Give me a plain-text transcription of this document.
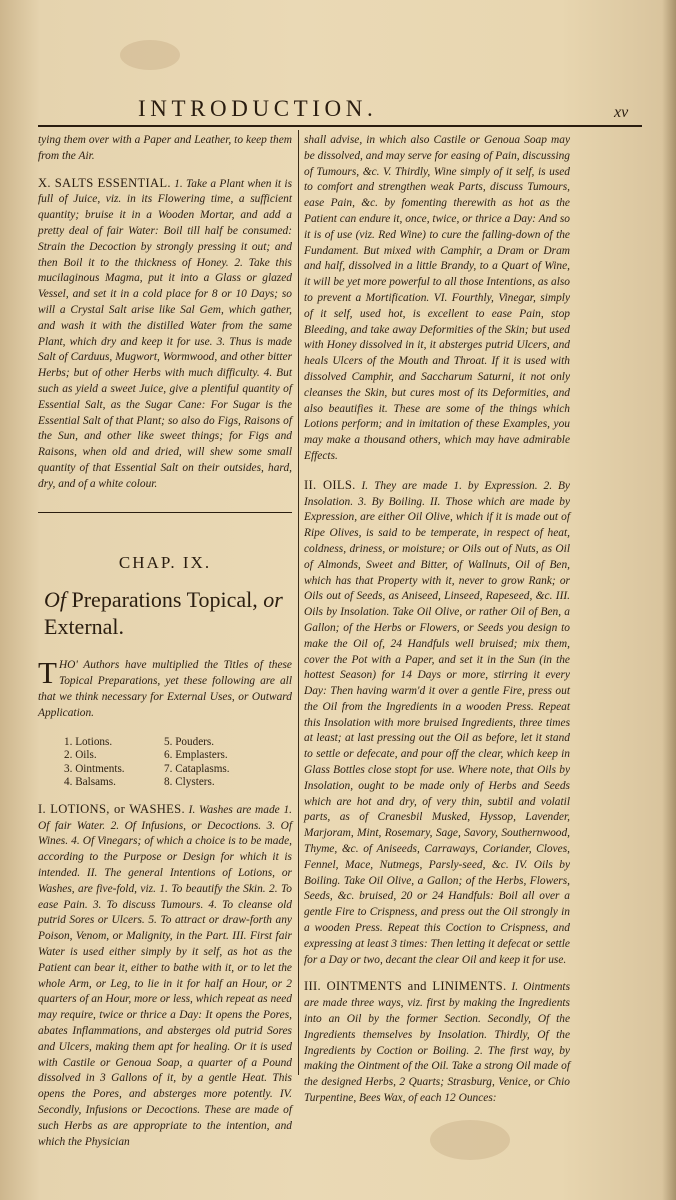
INTRODUCTION.	xv

tying them over with a Paper and Leather, to keep them from the Air.

X. SALTS ESSENTIAL. 1. Take a Plant when it is full of Juice, viz. in its Flowering time, a sufficient quantity; bruise it in a Wooden Mortar, and add a pretty deal of fair Water: Boil till half be consumed: Strain the Decoction by strongly pressing it out; and then Boil it to the thickness of Honey. 2. Take this mucilaginous Magma, put it into a Glass or glazed Vessel, and set it in a cold place for 8 or 10 Days; so will a Crystal Salt arise like Sal Gem, which gather, and wash it with the distilled Water from the same Plant, which dry and keep it for use. 3. Thus is made Salt of Carduus, Mugwort, Wormwood, and other bitter Herbs; but of other Herbs with much difficulty. 4. But such as yield a sweet Juice, give a plentiful quantity of Essential Salt, as the Sugar Cane: For Sugar is the Essential Salt of that Plant; so also do Figs, Raisons of the Sun, and other like sweet things; for Figs and Raisons, when old and dried, will shew some small quantity of that Essential Salt on their outsides, hard, dry, and of a white colour.

CHAP. IX.
Of Preparations Topical, or
External.

THO' Authors have multiplied the Titles of these Topical Preparations, yet these following are all that we think necessary for External Uses, or Outward Application.

1. Lotions.	5. Pouders.
2. Oils.	6. Emplasters.
3. Ointments.	7. Cataplasms.
4. Balsams.	8. Clysters.

I. LOTIONS, or WASHES. I. Washes are made 1. Of fair Water. 2. Of Infusions, or Decoctions. 3. Of Wines. 4. Of Vinegars; of which a choice is to be made, according to the Purpose or Design for which it is intended. II. The general Intentions of Lotions, or Washes, are five-fold, viz. 1. To beautify the Skin. 2. To ease Pain. 3. To discuss Tumours. 4. To cleanse old putrid Sores or Ulcers. 5. To attract or draw-forth any Poison, Venom, or Malignity, in the Part. III. First fair Water is used either simply by it self, as hot as the Patient can bear it, either to bathe with it, or to let the whole Arm, or Leg, to lie in it for half an Hour, or 2 quarters of an Hour, more or less, which repeat as need may require, twice or thrice a Day: It opens the Pores, abates Inflammations, and absterges old putrid Sores and Ulcers, making them apt for healing. Or it is used with Castile or Genoua Soap, a quarter of a Pound dissolved in 3 Gallons of it, by a gentle Heat. This opens the Pores, and absterges more potently. IV. Secondly, Infusions or Decoctions. These are made of such Herbs as are appropriate to the intention, and which the Physician

shall advise, in which also Castile or Genoua Soap may be dissolved, and may serve for easing of Pain, discussing of Tumours, &c. V. Thirdly, Wine simply of it self, is used to comfort and strengthen weak Parts, discuss Tumours, ease Pain, &c. by fomenting therewith as hot as the Patient can endure it, once, twice, or thrice a Day: And so it is of use (viz. Red Wine) to cure the falling-down of the Fundament. But mixed with Camphir, a Dram or Dram and half, dissolved in a little Brandy, to a Quart of Wine, it will be yet more powerful to all those Intentions, as also to prevent a Mortification. VI. Fourthly, Vinegar, simply of it self, used hot, is excellent to ease Pain, stop Bleeding, and take away Deformities of the Skin; but used with Honey dissolved in it, it absterges putrid Ulcers, and heals Ulcers of the Mouth and Throat. If it is used with dissolved Camphir, and Saccharum Saturni, it not only cleanses the Skin, but cures most of its Deformities, and also beautifies it. These are some of the things which Lotions perform; and in imitation of these Examples, you may make a thousand others, which may have admirable Effects.

II. OILS. I. They are made 1. by Expression. 2. By Insolation. 3. By Boiling. II. Those which are made by Expression, are either Oil Olive, which if it is made out of Ripe Olives, is said to be temperate, in respect of heat, coldness, driness, or moisture; or Oils out of Nuts, as Oil of Almonds, Sweet and Bitter, of Wallnuts, Oil of Ben, which has that Property with it, never to grow Rank; or Oils out of Seeds, as Aniseed, Linseed, Rapeseed, &c. III. Oils by Insolation. Take Oil Olive, or rather Oil of Ben, a Gallon; of the Herbs or Flowers, or Seeds you design to make the Oil of, 24 Handfuls well bruised; mix them, cover the Pot with a Paper, and set it in the Sun (in the hottest Season) for 14 Days or more, stirring it every Day: Then having warm'd it over a gentle Fire, press out the Oil from the Ingredients in a wooden Press. Repeat this Insolation with more bruised Ingredients, three times at least; at last pressing out the Oil as before, let it stand to settle or defecate, and pour off the clear, which keep in Glass Bottles close stopt for use. Where note, that Oils by Insolation, ought to be made only of Herbs and Seeds which are hot and dry, of very thin, subtil and volatil parts, as of Cranesbil Musked, Hyssop, Lavender, Marjoram, Mint, Rosemary, Sage, Savory, Southernwood, Thyme, &c. of Aniseeds, Carraways, Coriander, Cloves, Fennel, Mace, Nutmegs, Parsly-seed, &c. IV. Oils by Boiling. Take Oil Olive, a Gallon; of the Herbs, Flowers, Seeds, &c. bruised, 20 or 24 Handfuls: Boil all over a gentle Fire to Crispness, and press out the Oil strongly in a wooden Press. Repeat this Coction to Crispness, and expressing at least 3 times: Then letting it defecat or settle for a Day or two, decant the clear Oil and keep it for use.

III. OINTMENTS and LINIMENTS. I. Ointments are made three ways, viz. first by making the Ingredients into an Oil by the former Section. Secondly, Of the Ingredients themselves by Insolation. Thirdly, Of the Ingredients by Coction or Boiling. 2. The first way, by making the Ointment of the Oil. Take a strong Oil made of the designed Herbs, 2 Quarts; Strasburg, Venice, or Chio Turpentine, Bees Wax, of each 12 Ounces:
